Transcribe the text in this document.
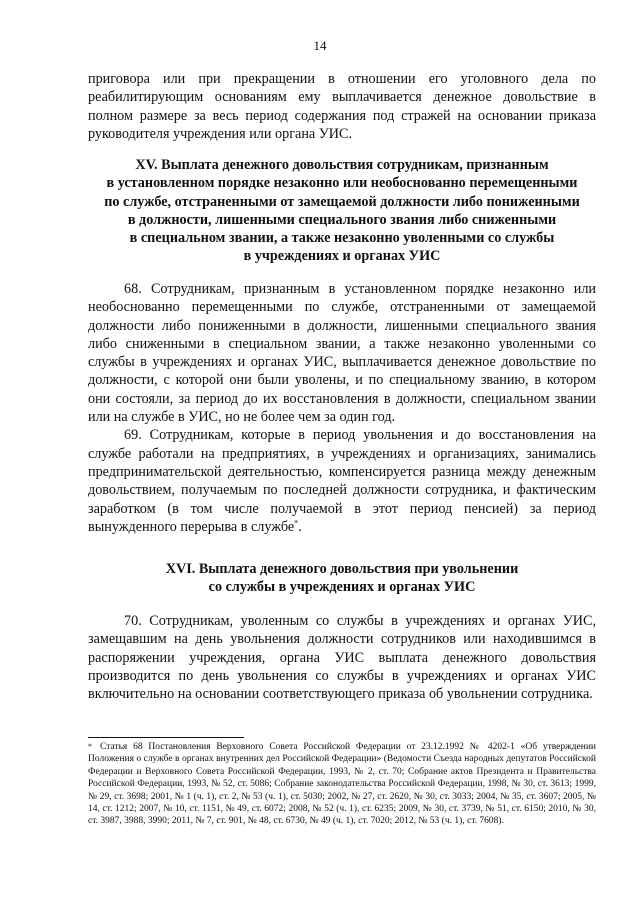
14

приговора или при прекращении в отношении его уголовного дела по реабилитирующим основаниям ему выплачивается денежное довольствие в полном размере за весь период содержания под стражей на основании приказа руководителя учреждения или органа УИС.

XV. Выплата денежного довольствия сотрудникам, признанным
в установленном порядке незаконно или необоснованно перемещенными
по службе, отстраненными от замещаемой должности либо пониженными
в должности, лишенными специального звания либо сниженными
в специальном звании, а также незаконно уволенными со службы
в учреждениях и органах УИС

68. Сотрудникам, признанным в установленном порядке незаконно или необоснованно перемещенными по службе, отстраненными от замещаемой должности либо пониженными в должности, лишенными специального звания либо сниженными в специальном звании, а также незаконно уволенными со службы в учреждениях и органах УИС, выплачивается денежное довольствие по должности, с которой они были уволены, и по специальному званию, в котором они состояли, за период до их восстановления в должности, специальном звании или на службе в УИС, но не более чем за один год.

69. Сотрудникам, которые в период увольнения и до восстановления на службе работали на предприятиях, в учреждениях и организациях, занимались предпринимательской деятельностью, компенсируется разница между денежным довольствием, получаемым по последней должности сотрудника, и фактическим заработком (в том числе получаемой в этот период пенсией) за период вынужденного перерыва в службе*.

XVI. Выплата денежного довольствия при увольнении
со службы в учреждениях и органах УИС

70. Сотрудникам, уволенным со службы в учреждениях и органах УИС, замещавшим на день увольнения должности сотрудников или находившимся в распоряжении учреждения, органа УИС выплата денежного довольствия производится по день увольнения со службы в учреждениях и органах УИС включительно на основании соответствующего приказа об увольнении сотрудника.

* Статья 68 Постановления Верховного Совета Российской Федерации от 23.12.1992 № 4202-1 «Об утверждении Положения о службе в органах внутренних дел Российской Федерации» (Ведомости Съезда народных депутатов Российской Федерации и Верховного Совета Российской Федерации, 1993, № 2, ст. 70; Собрание актов Президента и Правительства Российской Федерации, 1993, № 52, ст. 5086; Собрание законодательства Российской Федерации, 1998, № 30, ст. 3613; 1999, № 29, ст. 3698; 2001, № 1 (ч. 1), ст. 2, № 53 (ч. 1), ст. 5030; 2002, № 27, ст. 2620, № 30, ст. 3033; 2004, № 35, ст. 3607; 2005, № 14, ст. 1212; 2007, № 10, ст. 1151, № 49, ст. 6072; 2008, № 52 (ч. 1), ст. 6235; 2009, № 30, ст. 3739, № 51, ст. 6150; 2010, № 30, ст. 3987, 3988, 3990; 2011, № 7, ст. 901, № 48, ст. 6730, № 49 (ч. 1), ст. 7020; 2012, № 53 (ч. 1), ст. 7608).
